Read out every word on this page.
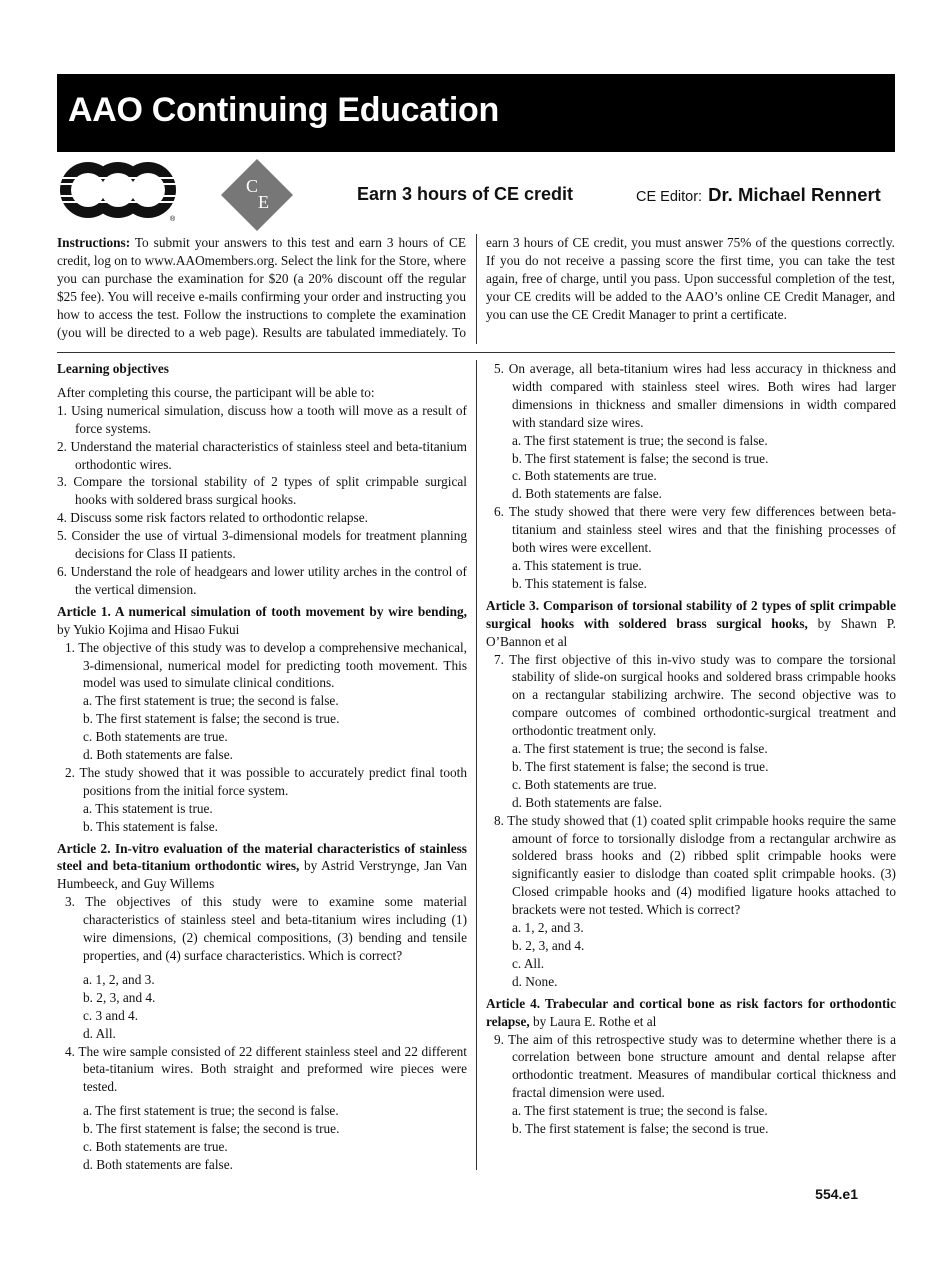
AAO Continuing Education
®
C
E	Earn 3 hours of CE credit	CE Editor: Dr. Michael Rennert
Instructions: To submit your answers to this test and earn 3 hours of CE credit, log on to www.AAOmembers.org. Select the link for the Store, where you can purchase the examination for $20 (a 20% discount off the regular $25 fee). You will receive e-mails confirming your order and instructing you how to access the test. Follow the instructions to complete the examination (you will be directed to a web page). Results are tabulated immediately. To earn 3 hours of CE credit, you must answer 75% of the questions correctly. If you do not receive a passing score the first time, you can take the test again, free of charge, until you pass. Upon successful completion of the test, your CE credits will be added to the AAO’s online CE Credit Manager, and you can use the CE Credit Manager to print a certificate.

Learning objectives

After completing this course, the participant will be able to:

1. Using numerical simulation, discuss how a tooth will move as a result of force systems.

2. Understand the material characteristics of stainless steel and beta-titanium orthodontic wires.

3. Compare the torsional stability of 2 types of split crimpable surgical hooks with soldered brass surgical hooks.

4. Discuss some risk factors related to orthodontic relapse.

5. Consider the use of virtual 3-dimensional models for treatment planning decisions for Class II patients.

6. Understand the role of headgears and lower utility arches in the control of the vertical dimension.

Article 1. A numerical simulation of tooth movement by wire bending, by Yukio Kojima and Hisao Fukui

1. The objective of this study was to develop a comprehensive mechanical, 3-dimensional, numerical model for predicting tooth movement. This model was used to simulate clinical conditions.

a. The first statement is true; the second is false.

b. The first statement is false; the second is true.

c. Both statements are true.

d. Both statements are false.

2. The study showed that it was possible to accurately predict final tooth positions from the initial force system.

a. This statement is true.

b. This statement is false.

Article 2. In-vitro evaluation of the material characteristics of stainless steel and beta-titanium orthodontic wires, by Astrid Verstrynge, Jan Van Humbeeck, and Guy Willems

3. The objectives of this study were to examine some material characteristics of stainless steel and beta-titanium wires including (1) wire dimensions, (2) chemical compositions, (3) bending and tensile properties, and (4) surface characteristics. Which is correct?

a. 1, 2, and 3.

b. 2, 3, and 4.

c. 3 and 4.

d. All.

4. The wire sample consisted of 22 different stainless steel and 22 different beta-titanium wires. Both straight and preformed wire pieces were tested.

a. The first statement is true; the second is false.

b. The first statement is false; the second is true.

c. Both statements are true.

d. Both statements are false.

5. On average, all beta-titanium wires had less accuracy in thickness and width compared with stainless steel wires. Both wires had larger dimensions in thickness and smaller dimensions in width compared with standard size wires.

a. The first statement is true; the second is false.

b. The first statement is false; the second is true.

c. Both statements are true.

d. Both statements are false.

6. The study showed that there were very few differences between beta-titanium and stainless steel wires and that the finishing processes of both wires were excellent.

a. This statement is true.

b. This statement is false.

Article 3. Comparison of torsional stability of 2 types of split crimpable surgical hooks with soldered brass surgical hooks, by Shawn P. O’Bannon et al

7. The first objective of this in-vivo study was to compare the torsional stability of slide-on surgical hooks and soldered brass crimpable hooks on a rectangular stabilizing archwire. The second objective was to compare outcomes of combined orthodontic-surgical treatment and orthodontic treatment only.

a. The first statement is true; the second is false.

b. The first statement is false; the second is true.

c. Both statements are true.

d. Both statements are false.

8. The study showed that (1) coated split crimpable hooks require the same amount of force to torsionally dislodge from a rectangular archwire as soldered brass hooks and (2) ribbed split crimpable hooks were significantly easier to dislodge than coated split crimpable hooks. (3) Closed crimpable hooks and (4) modified ligature hooks attached to brackets were not tested. Which is correct?

a. 1, 2, and 3.

b. 2, 3, and 4.

c. All.

d. None.

Article 4. Trabecular and cortical bone as risk factors for orthodontic relapse, by Laura E. Rothe et al

9. The aim of this retrospective study was to determine whether there is a correlation between bone structure amount and dental relapse after orthodontic treatment. Measures of mandibular cortical thickness and fractal dimension were used.

a. The first statement is true; the second is false.

b. The first statement is false; the second is true.

554.e1
